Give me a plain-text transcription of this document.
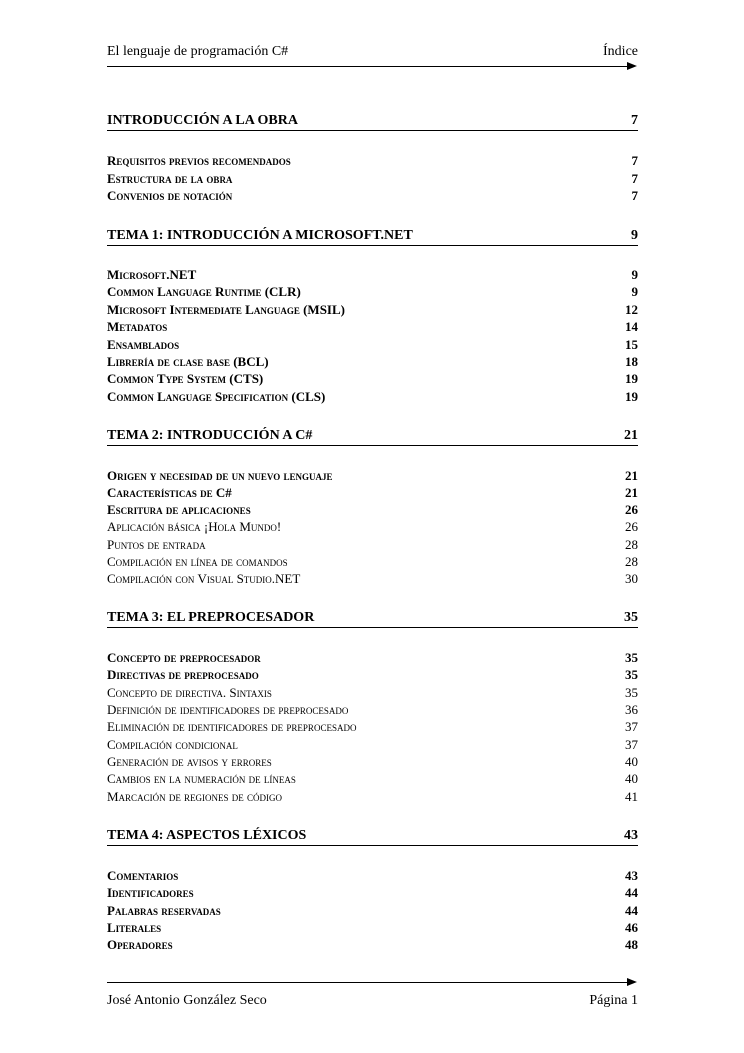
El lenguaje de programación C#	Índice
INTRODUCCIÓN A LA OBRA	7
Requisitos previos recomendados	7
Estructura de la obra	7
Convenios de notación	7
TEMA 1: INTRODUCCIÓN A MICROSOFT.NET	9
Microsoft.NET	9
Common Language Runtime (CLR)	9
Microsoft Intermediate Language (MSIL)	12
Metadatos	14
Ensamblados	15
Librería de clase base (BCL)	18
Common Type System (CTS)	19
Common Language Specification (CLS)	19
TEMA 2: INTRODUCCIÓN A C#	21
Origen y necesidad de un nuevo lenguaje	21
Características de C#	21
Escritura de aplicaciones	26
Aplicación básica ¡Hola Mundo!	26
Puntos de entrada	28
Compilación en línea de comandos	28
Compilación con Visual Studio.NET	30
TEMA 3: EL PREPROCESADOR	35
Concepto de preprocesador	35
Directivas de preprocesado	35
Concepto de directiva. Sintaxis	35
Definición de identificadores de preprocesado	36
Eliminación de identificadores de preprocesado	37
Compilación condicional	37
Generación de avisos y errores	40
Cambios en la numeración de líneas	40
Marcación de regiones de código	41
TEMA 4: ASPECTOS LÉXICOS	43
Comentarios	43
Identificadores	44
Palabras reservadas	44
Literales	46
Operadores	48
José Antonio González Seco	Página 1
